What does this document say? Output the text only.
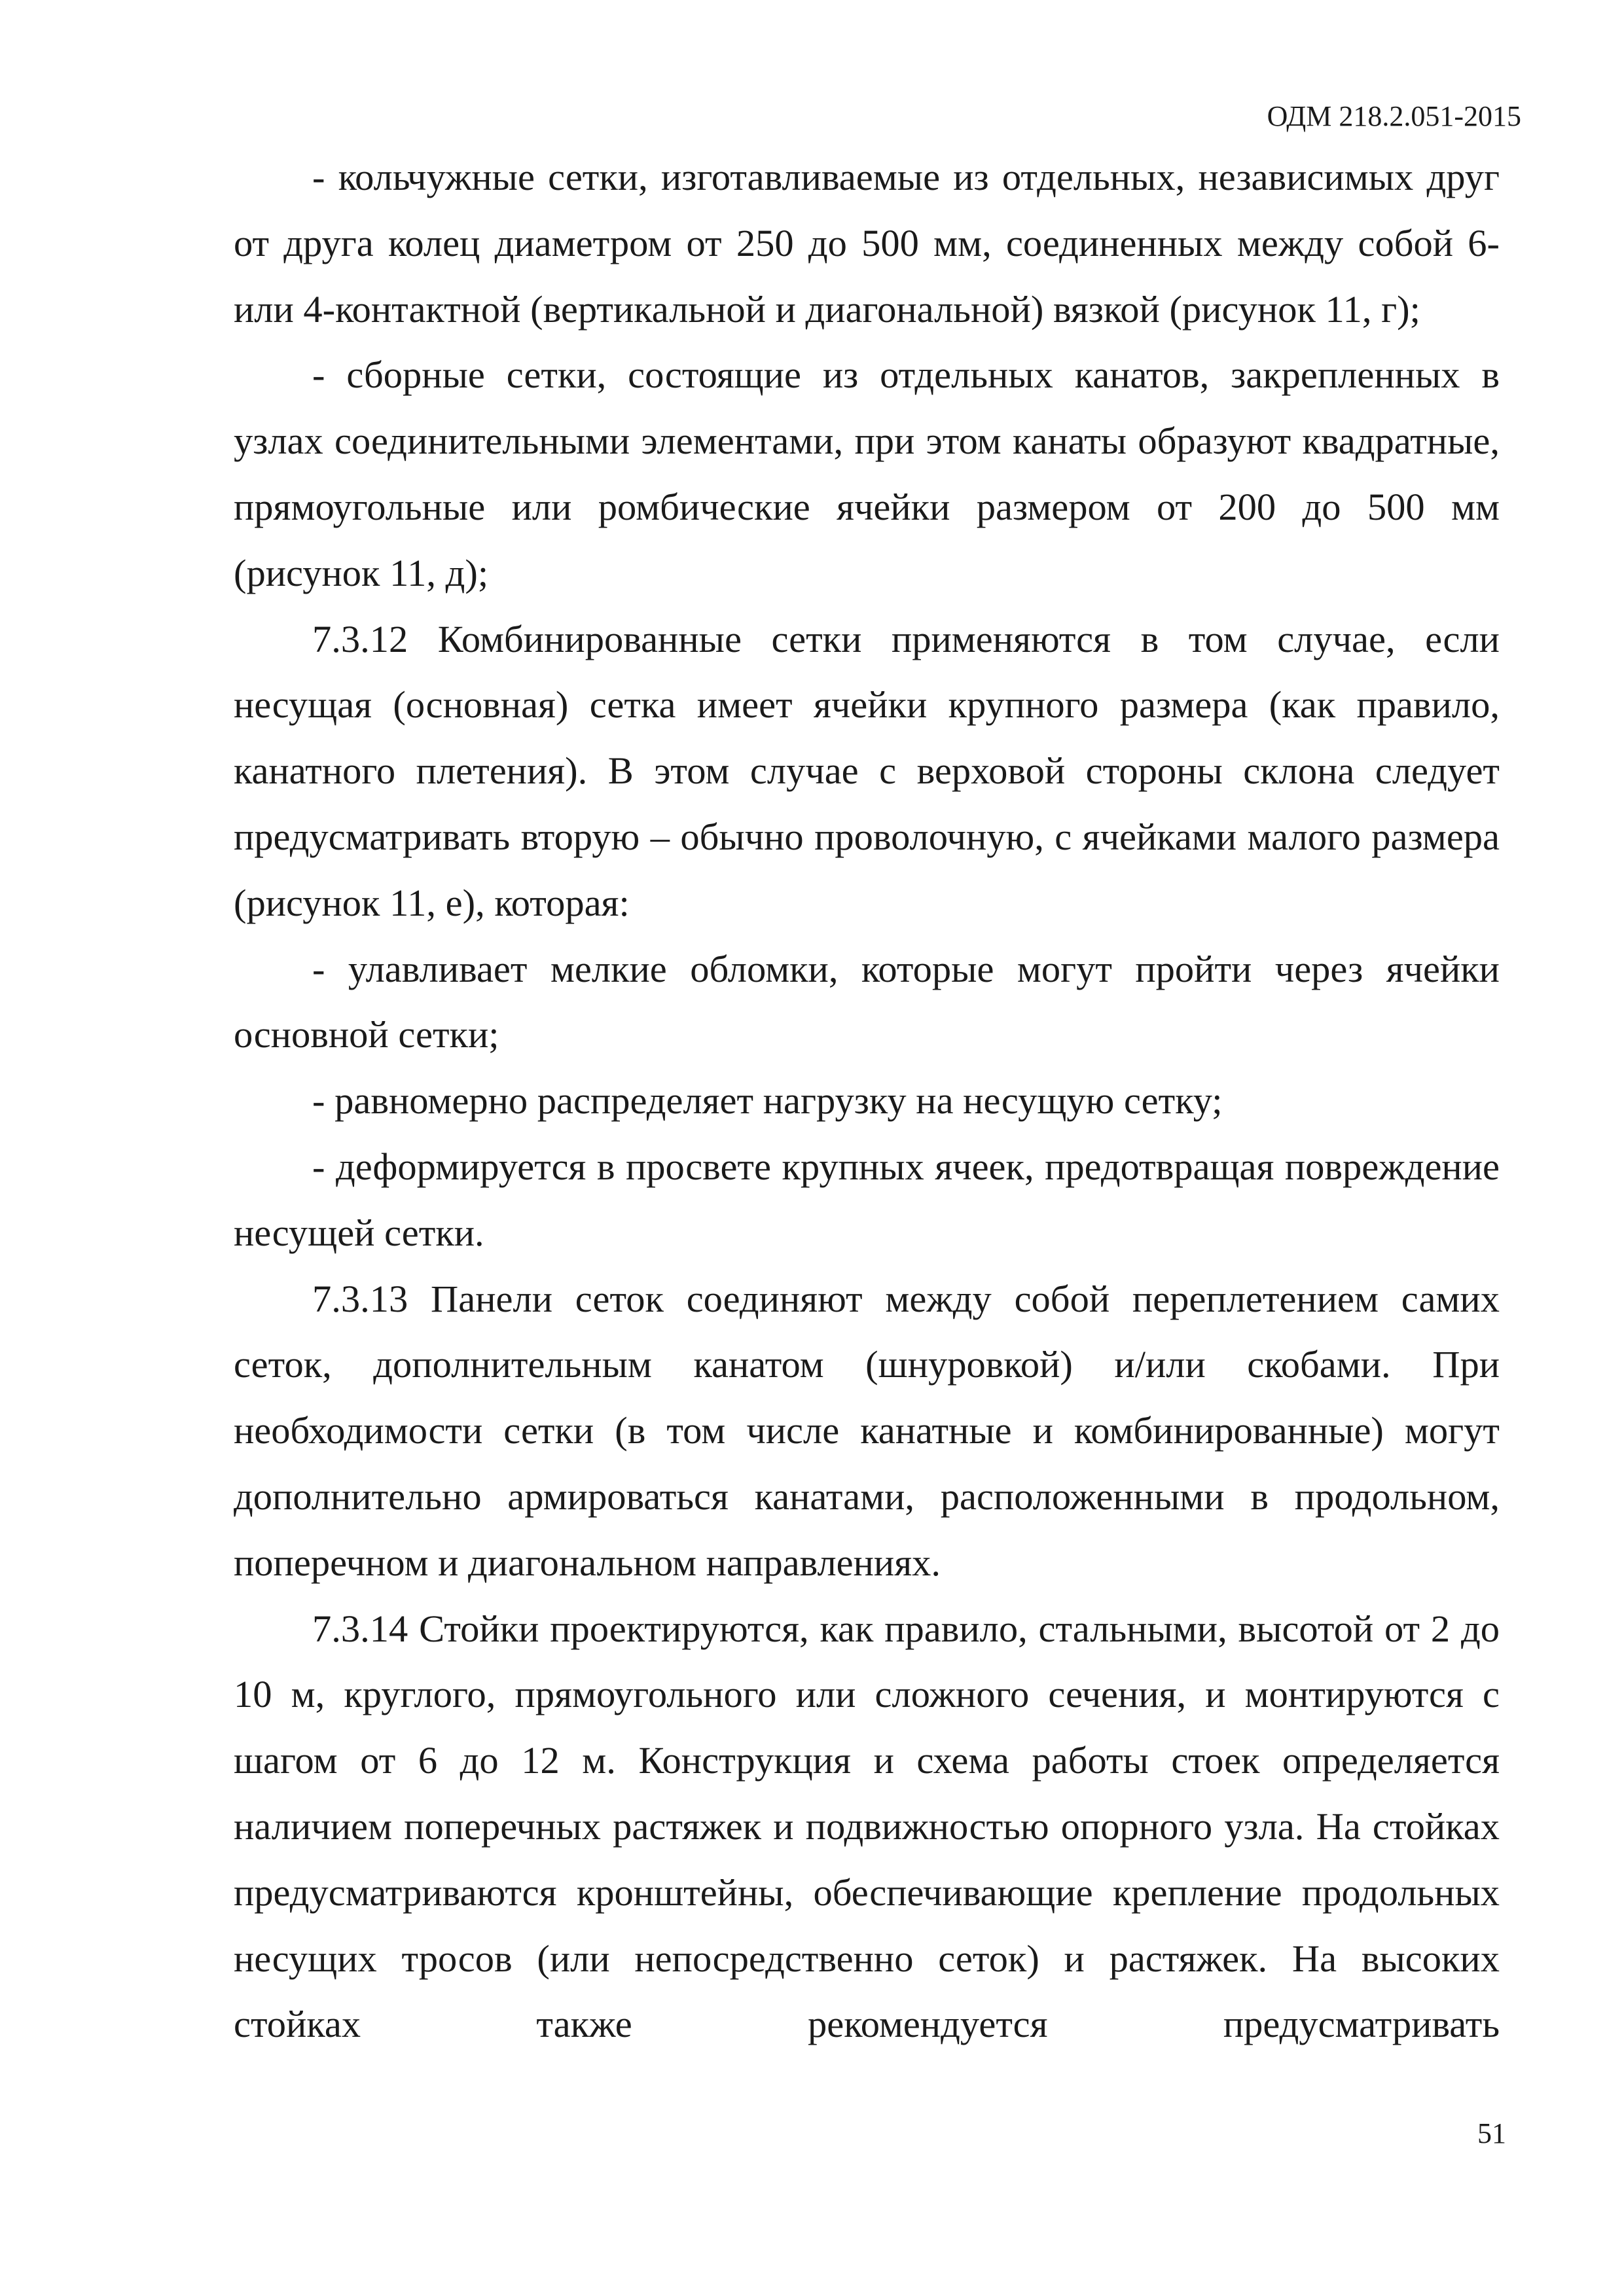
ОДМ 218.2.051-2015

- кольчужные сетки, изготавливаемые из отдельных, независимых друг от друга колец диаметром от 250 до 500 мм, соединенных между собой 6- или 4-контактной (вертикальной и диагональной) вязкой (рисунок 11, г);

- сборные сетки, состоящие из отдельных канатов, закрепленных в узлах соединительными элементами, при этом канаты образуют квадратные, прямоугольные или ромбические ячейки размером от 200 до 500 мм (рисунок 11, д);

7.3.12 Комбинированные сетки применяются в том случае, если несущая (основная) сетка имеет ячейки крупного размера (как правило, канатного плетения). В этом случае с верховой стороны склона следует предусматривать вторую – обычно проволочную, с ячейками малого размера (рисунок 11, е), которая:

- улавливает мелкие обломки, которые могут пройти через ячейки основной сетки;

- равномерно распределяет нагрузку на несущую сетку;

- деформируется в просвете крупных ячеек, предотвращая повреждение несущей сетки.

7.3.13 Панели сеток соединяют между собой переплетением самих сеток, дополнительным канатом (шнуровкой) и/или скобами. При необходимости сетки (в том числе канатные и комбинированные) могут дополнительно армироваться канатами, расположенными в продольном, поперечном и диагональном направлениях.

7.3.14 Стойки проектируются, как правило, стальными, высотой от 2 до 10 м, круглого, прямоугольного или сложного сечения, и монтируются с шагом от 6 до 12 м. Конструкция и схема работы стоек определяется наличием поперечных растяжек и подвижностью опорного узла. На стойках предусматриваются кронштейны, обеспечивающие крепление продольных несущих тросов (или непосредственно сеток) и растяжек. На высоких стойках также рекомендуется предусматривать

51
